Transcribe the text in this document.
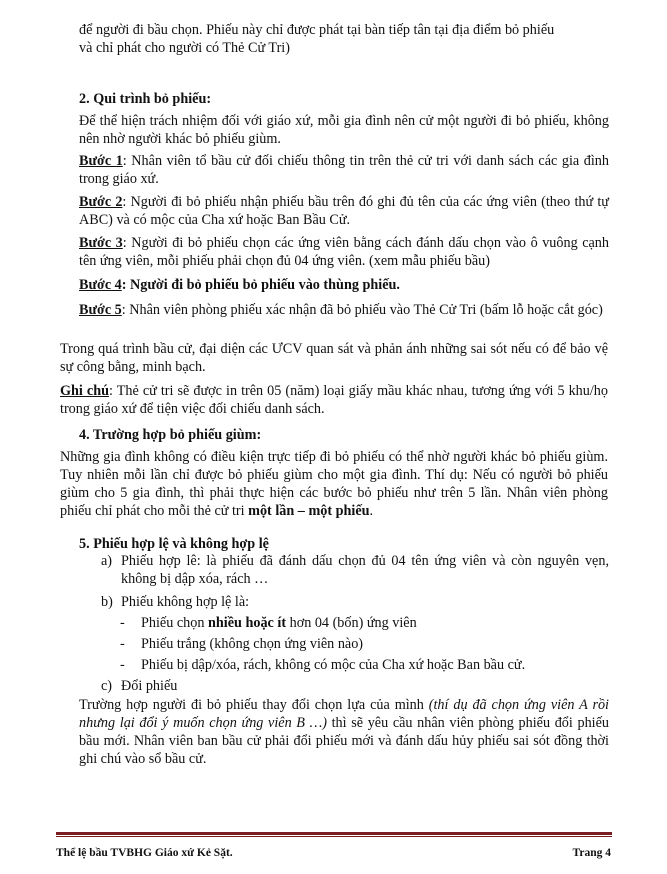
để người đi bầu chọn. Phiếu này chỉ được phát tại bàn tiếp tân tại địa điểm bỏ phiếu

và chỉ phát cho người có Thẻ Cử Tri)

2. Qui trình bỏ phiếu:

Để thể hiện trách nhiệm đối với giáo xứ, mỗi gia đình nên cử một người đi bỏ phiếu, không nên nhờ người khác bỏ phiếu giùm.

Bước 1: Nhân viên tổ bầu cử đối chiếu thông tin trên thẻ cử tri với danh sách các gia đình trong giáo xứ.

Bước 2: Người đi bỏ phiếu nhận phiếu bầu trên đó ghi đủ tên của các ứng viên (theo thứ tự ABC) và có mộc của Cha xứ hoặc Ban Bầu Cử.

Bước 3: Người đi bỏ phiếu chọn các ứng viên bằng cách đánh dấu chọn vào ô vuông cạnh tên ứng viên, mỗi phiếu phải chọn đủ 04 ứng viên. (xem mẫu phiếu bầu)

Bước 4: Người đi bỏ phiếu bỏ phiếu vào thùng phiếu.

Bước 5: Nhân viên phòng phiếu xác nhận đã bỏ phiếu vào Thẻ Cử Tri (bấm lỗ hoặc cắt góc)

Trong quá trình bầu cử, đại diện các ƯCV quan sát và phản ánh những sai sót nếu có để bảo vệ sự công bằng, minh bạch.

Ghi chú: Thẻ cử tri sẽ được in trên 05 (năm) loại giấy mầu khác nhau, tương ứng với 5 khu/họ trong giáo xứ để tiện việc đối chiếu danh sách.

4. Trường hợp bỏ phiếu giùm:

Những gia đình không có điều kiện trực tiếp đi bỏ phiếu có thể nhờ người khác bỏ phiếu giùm. Tuy nhiên mỗi lần chỉ được bỏ phiếu giùm cho một gia đình. Thí dụ: Nếu có người bỏ phiếu giùm cho 5 gia đình, thì phải thực hiện các bước bỏ phiếu như trên 5 lần. Nhân viên phòng phiếu chỉ phát cho mỗi thẻ cử tri một lần – một phiếu.

5. Phiếu hợp lệ và không hợp lệ

a) Phiếu hợp lê: là phiếu đã đánh dấu chọn đủ 04 tên ứng viên và còn nguyên vẹn, không bị dập xóa, rách …

b) Phiếu không hợp lệ là:

- Phiếu chọn nhiều hoặc ít hơn 04 (bốn) ứng viên

- Phiếu trắng (không chọn ứng viên nào)

- Phiếu bị dập/xóa, rách, không có mộc của Cha xứ hoặc Ban bầu cử.

c) Đổi phiếu

Trường hợp người đi bỏ phiếu thay đổi chọn lựa của mình (thí dụ đã chọn ứng viên A rồi nhưng lại đổi ý muốn chọn ứng viên B …) thì sẽ yêu cầu nhân viên phòng phiếu đổi phiếu bầu mới. Nhân viên ban bầu cử phải đổi phiếu mới và đánh dấu hủy phiếu sai sót đồng thời ghi chú vào sổ bầu cử.

Thể lệ bầu TVBHG Giáo xứ Kẻ Sặt.	Trang 4
